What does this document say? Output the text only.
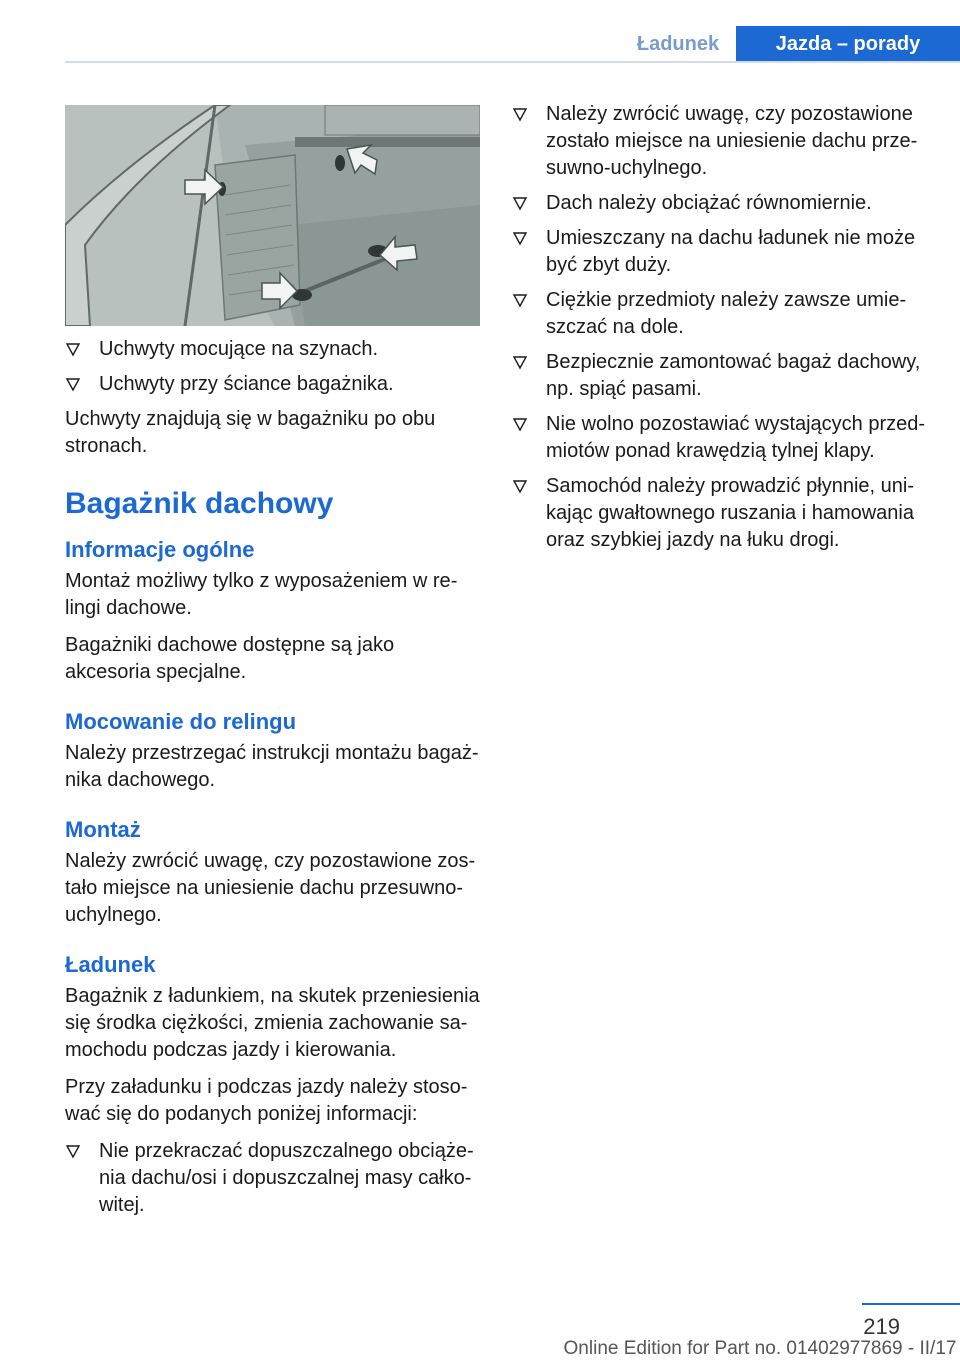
Ładunek	Jazda – porady
Uchwyty mocujące na szynach.
Uchwyty przy ściance bagażnika.

Uchwyty znajdują się w bagażniku po obu stronach.

Bagażnik dachowy
Informacje ogólne

Montaż możliwy tylko z wyposażeniem w relingi dachowe.

Bagażniki dachowe dostępne są jako akcesoria specjalne.

Mocowanie do relingu

Należy przestrzegać instrukcji montażu bagażnika dachowego.

Montaż

Należy zwrócić uwagę, czy pozostawione zostało miejsce na uniesienie dachu przesuwno-uchylnego.

Ładunek

Bagażnik z ładunkiem, na skutek przeniesienia się środka ciężkości, zmienia zachowanie samochodu podczas jazdy i kierowania.

Przy załadunku i podczas jazdy należy stosować się do podanych poniżej informacji:

Nie przekraczać dopuszczalnego obciążenia dachu/osi i dopuszczalnej masy całkowitej.
Należy zwrócić uwagę, czy pozostawione zostało miejsce na uniesienie dachu przesuwno-uchylnego.
Dach należy obciążać równomiernie.
Umieszczany na dachu ładunek nie może być zbyt duży.
Ciężkie przedmioty należy zawsze umieszczać na dole.
Bezpiecznie zamontować bagaż dachowy, np. spiąć pasami.
Nie wolno pozostawiać wystających przedmiotów ponad krawędzią tylnej klapy.
Samochód należy prowadzić płynnie, unikając gwałtownego ruszania i hamowania oraz szybkiej jazdy na łuku drogi.
219
Online Edition for Part no. 01402977869 - II/17
